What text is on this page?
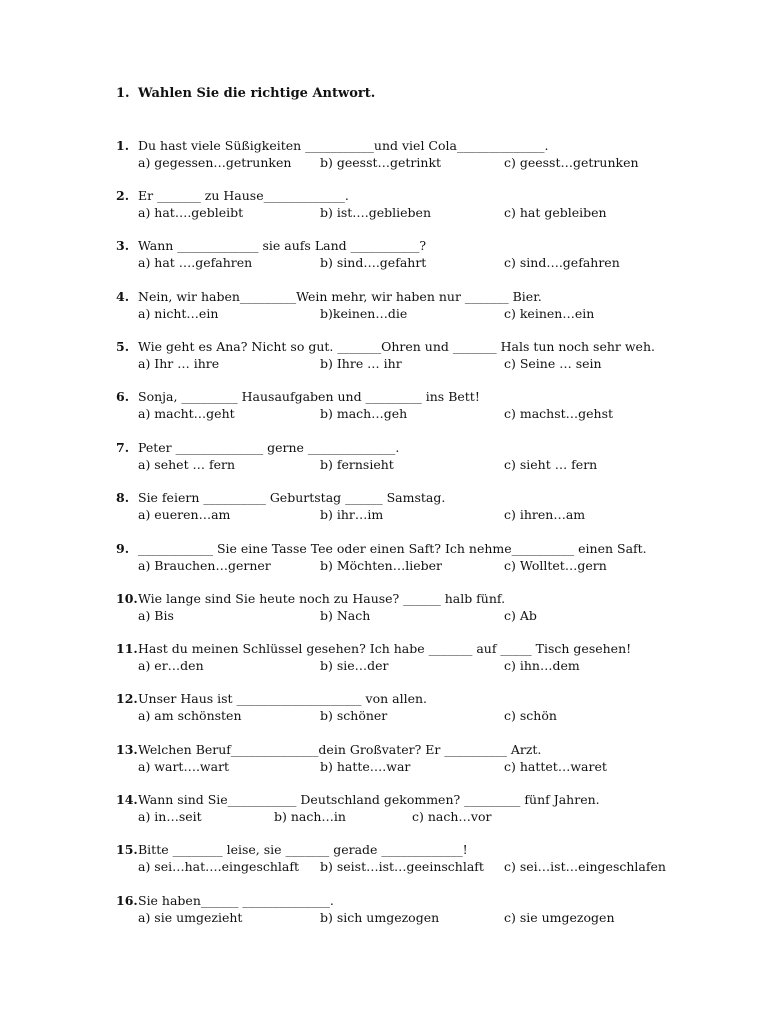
1. Wahlen Sie die richtige Antwort.
1. Du hast viele Süßigkeiten ___________und viel Cola______________.
a) gegessen…getrunken b) geesst…getrinkt	c) geesst…getrunken
2. Er _______ zu Hause_____________.
a) hat….gebleibt	b) ist….geblieben	c) hat gebleiben
3. Wann _____________ sie aufs Land ___________?
a) hat ….gefahren	b) sind….gefahrt	c) sind….gefahren
4. Nein, wir haben_________Wein mehr, wir haben nur _______ Bier.
a) nicht…ein	b)keinen…die	c) keinen…ein
5. Wie geht es Ana? Nicht so gut. _______Ohren und _______ Hals tun noch sehr weh.
a) Ihr … ihre	b) Ihre … ihr	c) Seine … sein
6. Sonja, _________ Hausaufgaben und _________ ins Bett!
a) macht…geht	b) mach…geh	c) machst…gehst
7. Peter ______________ gerne ______________.
a) sehet … fern	b) fernsieht	c) sieht … fern
8. Sie feiern __________ Geburtstag ______ Samstag.
a) eueren…am	b) ihr…im	c) ihren…am
9. ____________ Sie eine Tasse Tee oder einen Saft? Ich nehme__________ einen Saft.
a) Brauchen…gerner	b) Möchten…lieber	c) Wolltet…gern
10. Wie lange sind Sie heute noch zu Hause? ______ halb fünf.
a) Bis	b) Nach	c) Ab
11. Hast du meinen Schlüssel gesehen? Ich habe _______ auf _____ Tisch gesehen!
a) er…den	b) sie…der	c) ihn…dem
12. Unser Haus ist ____________________ von allen.
a) am schönsten	b) schöner	c) schön
13. Welchen Beruf______________dein Großvater? Er __________ Arzt.
a) wart….wart	b) hatte….war	c) hattet…waret
14. Wann sind Sie___________ Deutschland gekommen? _________ fünf Jahren.
a) in…seit	b) nach…in	c) nach…vor
15. Bitte ________ leise, sie _______ gerade _____________!
a) sei…hat….eingeschlaft b) seist…ist…geeinschlaft c) sei…ist…eingeschlafen
16. Sie haben______ ______________.
a) sie umgezieht	b) sich umgezogen	c) sie umgezogen
